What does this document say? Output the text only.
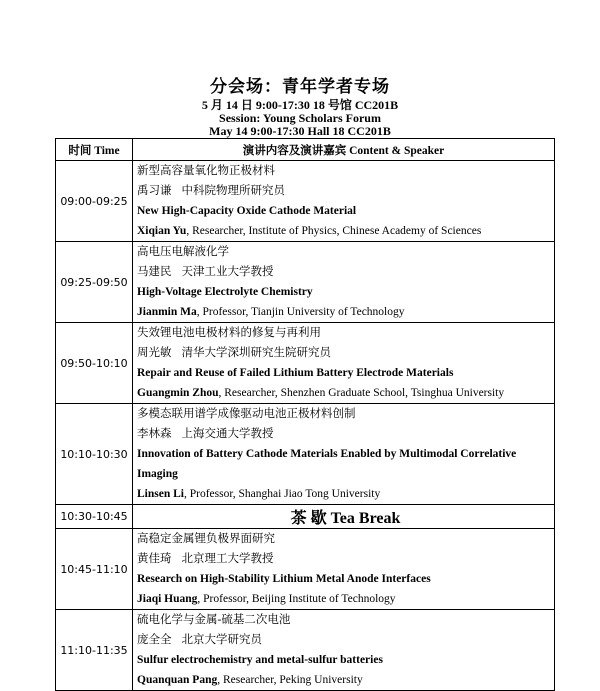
分会场：青年学者专场
5 月 14 日 9:00-17:30 18 号馆 CC201B
Session: Young Scholars Forum
May 14 9:00-17:30 Hall 18 CC201B
时间 Time	演讲内容及演讲嘉宾 Content & Speaker
09:00-09:25	新型高容量氧化物正极材料
禹习谦 中科院物理所研究员
New High-Capacity Oxide Cathode Material
Xiqian Yu, Researcher, Institute of Physics, Chinese Academy of Sciences

09:25-09:50	高电压电解液化学
马建民 天津工业大学教授
High-Voltage Electrolyte Chemistry
Jianmin Ma, Professor, Tianjin University of Technology

09:50-10:10	失效锂电池电极材料的修复与再利用
周光敏 清华大学深圳研究生院研究员
Repair and Reuse of Failed Lithium Battery Electrode Materials
Guangmin Zhou, Researcher, Shenzhen Graduate School, Tsinghua University

10:10-10:30	多模态联用谱学成像驱动电池正极材料创制
李林森 上海交通大学教授
Innovation of Battery Cathode Materials Enabled by Multimodal Correlative Imaging
Linsen Li, Professor, Shanghai Jiao Tong University

10:30-10:45	茶 歇 Tea Break
10:45-11:10	高稳定金属锂负极界面研究
黄佳琦 北京理工大学教授
Research on High-Stability Lithium Metal Anode Interfaces
Jiaqi Huang, Professor, Beijing Institute of Technology

11:10-11:35	硫电化学与金属-硫基二次电池
庞全全 北京大学研究员
Sulfur electrochemistry and metal-sulfur batteries
Quanquan Pang, Researcher, Peking University
